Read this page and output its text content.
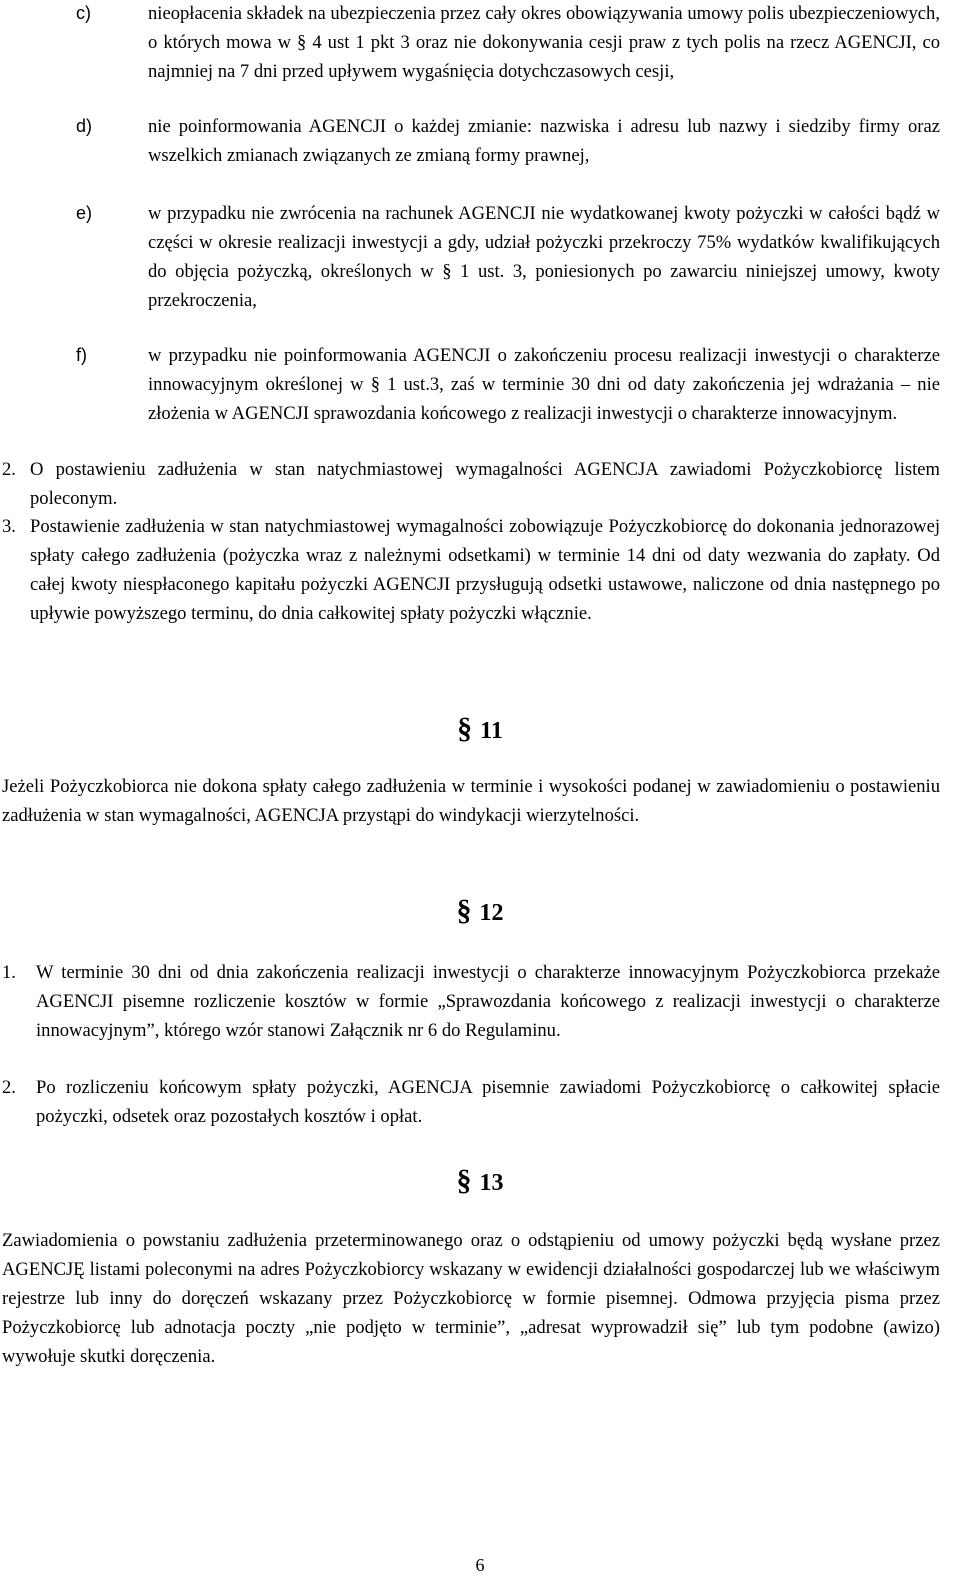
c)	nieopłacenia składek na ubezpieczenia przez cały okres obowiązywania umowy polis ubezpieczeniowych, o których mowa w § 4 ust 1 pkt 3 oraz nie dokonywania cesji praw z tych polis na rzecz AGENCJI, co najmniej na 7 dni przed upływem wygaśnięcia dotychczasowych cesji,
d)	nie poinformowania AGENCJI o każdej zmianie: nazwiska i adresu lub nazwy i siedziby firmy oraz wszelkich zmianach związanych ze zmianą formy prawnej,
e)	w przypadku nie zwrócenia na rachunek AGENCJI nie wydatkowanej kwoty pożyczki w całości bądź w części w okresie realizacji inwestycji a gdy, udział pożyczki przekroczy 75% wydatków kwalifikujących do objęcia pożyczką, określonych w § 1 ust. 3, poniesionych po zawarciu niniejszej umowy, kwoty przekroczenia,
f)	w przypadku nie poinformowania AGENCJI o zakończeniu procesu realizacji inwestycji o charakterze innowacyjnym określonej w § 1 ust.3, zaś w terminie 30 dni od daty zakończenia jej wdrażania – nie złożenia w AGENCJI sprawozdania końcowego z realizacji inwestycji o charakterze innowacyjnym.
2. O postawieniu zadłużenia w stan natychmiastowej wymagalności AGENCJA zawiadomi Pożyczkobiorcę listem poleconym.
3. Postawienie zadłużenia w stan natychmiastowej wymagalności zobowiązuje Pożyczkobiorcę do dokonania jednorazowej spłaty całego zadłużenia (pożyczka wraz z należnymi odsetkami) w terminie 14 dni od daty wezwania do zapłaty. Od całej kwoty niespłaconego kapitału pożyczki AGENCJI przysługują odsetki ustawowe, naliczone od dnia następnego po upływie powyższego terminu, do dnia całkowitej spłaty pożyczki włącznie.
§ 11
Jeżeli Pożyczkobiorca nie dokona spłaty całego zadłużenia w terminie i wysokości podanej w zawiadomieniu o postawieniu zadłużenia w stan wymagalności, AGENCJA przystąpi do windykacji wierzytelności.
§ 12
1. W terminie 30 dni od dnia zakończenia realizacji inwestycji o charakterze innowacyjnym Pożyczkobiorca przekaże AGENCJI pisemne rozliczenie kosztów w formie „Sprawozdania końcowego z realizacji inwestycji o charakterze innowacyjnym”, którego wzór stanowi Załącznik nr 6 do Regulaminu.
2. Po rozliczeniu końcowym spłaty pożyczki, AGENCJA pisemnie zawiadomi Pożyczkobiorcę o całkowitej spłacie pożyczki, odsetek oraz pozostałych kosztów i opłat.
§ 13
Zawiadomienia o powstaniu zadłużenia przeterminowanego oraz o odstąpieniu od umowy pożyczki będą wysłane przez AGENCJĘ listami poleconymi na adres Pożyczkobiorcy wskazany w ewidencji działalności gospodarczej lub we właściwym rejestrze lub inny do doręczeń wskazany przez Pożyczkobiorcę w formie pisemnej. Odmowa przyjęcia pisma przez Pożyczkobiorcę lub adnotacja poczty „nie podjęto w terminie”, „adresat wyprowadził się” lub tym podobne (awizo) wywołuje skutki doręczenia.
6
